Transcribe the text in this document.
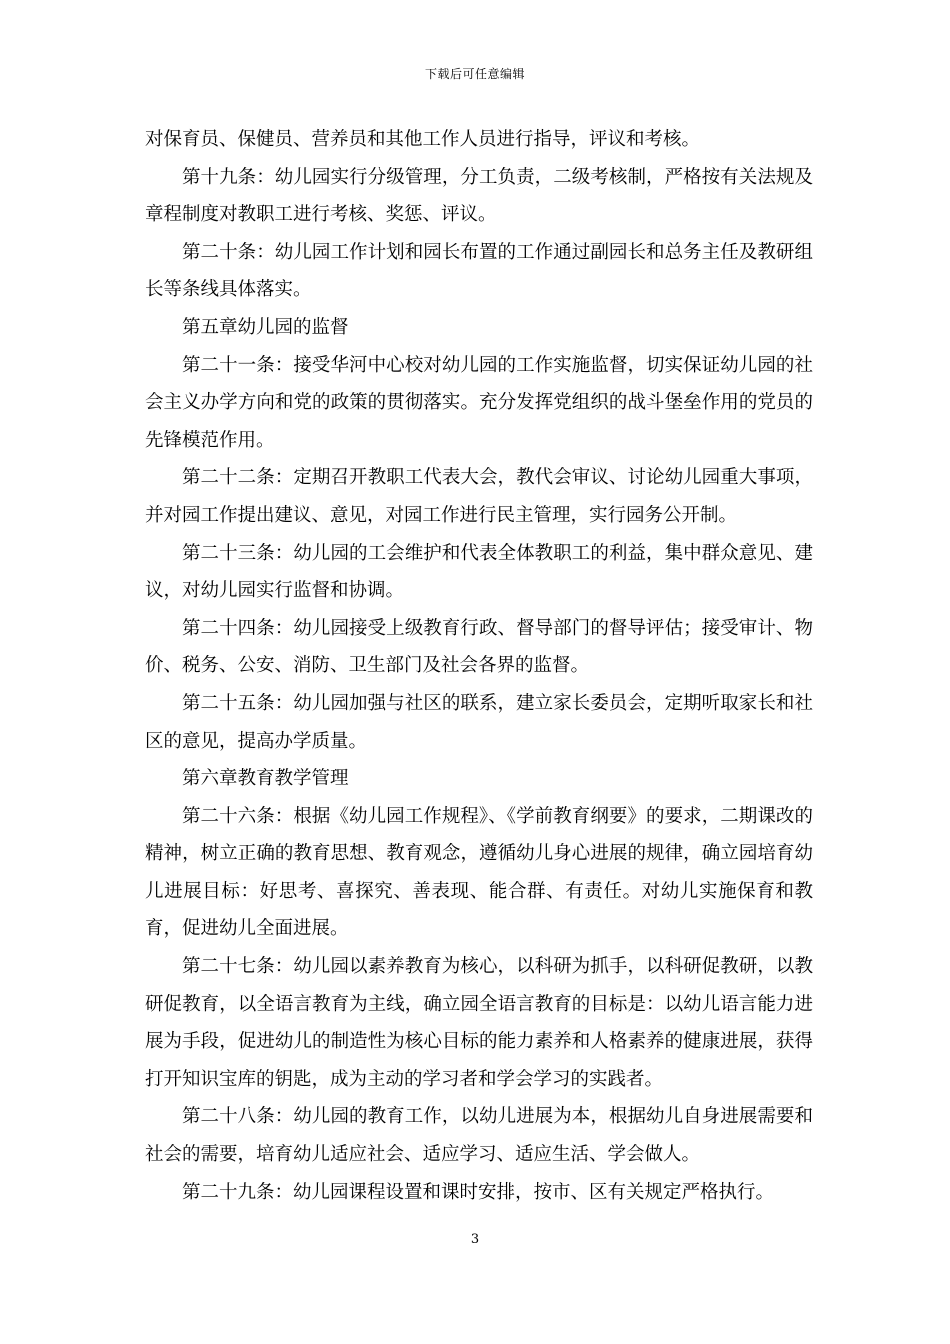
下载后可任意编辑

对保育员、保健员、营养员和其他工作人员进行指导，评议和考核。

第十九条：幼儿园实行分级管理，分工负责，二级考核制，严格按有关法规及章程制度对教职工进行考核、奖惩、评议。

第二十条：幼儿园工作计划和园长布置的工作通过副园长和总务主任及教研组长等条线具体落实。

第五章幼儿园的监督

第二十一条：接受华河中心校对幼儿园的工作实施监督，切实保证幼儿园的社会主义办学方向和党的政策的贯彻落实。充分发挥党组织的战斗堡垒作用的党员的先锋模范作用。

第二十二条：定期召开教职工代表大会，教代会审议、讨论幼儿园重大事项，并对园工作提出建议、意见，对园工作进行民主管理，实行园务公开制。

第二十三条：幼儿园的工会维护和代表全体教职工的利益，集中群众意见、建议，对幼儿园实行监督和协调。

第二十四条：幼儿园接受上级教育行政、督导部门的督导评估；接受审计、物价、税务、公安、消防、卫生部门及社会各界的监督。

第二十五条：幼儿园加强与社区的联系，建立家长委员会，定期听取家长和社区的意见，提高办学质量。

第六章教育教学管理

第二十六条：根据《幼儿园工作规程》、《学前教育纲要》的要求，二期课改的精神，树立正确的教育思想、教育观念，遵循幼儿身心进展的规律，确立园培育幼儿进展目标：好思考、喜探究、善表现、能合群、有责任。对幼儿实施保育和教育，促进幼儿全面进展。

第二十七条：幼儿园以素养教育为核心，以科研为抓手，以科研促教研，以教研促教育，以全语言教育为主线，确立园全语言教育的目标是：以幼儿语言能力进展为手段，促进幼儿的制造性为核心目标的能力素养和人格素养的健康进展，获得打开知识宝库的钥匙，成为主动的学习者和学会学习的实践者。

第二十八条：幼儿园的教育工作，以幼儿进展为本，根据幼儿自身进展需要和社会的需要，培育幼儿适应社会、适应学习、适应生活、学会做人。

第二十九条：幼儿园课程设置和课时安排，按市、区有关规定严格执行。

3
